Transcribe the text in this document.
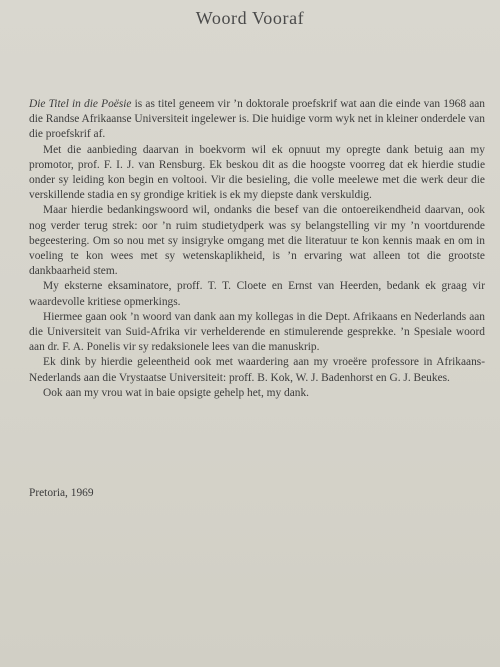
Woord Vooraf

Die Titel in die Poësie is as titel geneem vir ’n doktorale proefskrif wat aan die einde van 1968 aan die Randse Afrikaanse Universiteit ingelewer is. Die huidige vorm wyk net in kleiner onderdele van die proefskrif af.

Met die aanbieding daarvan in boekvorm wil ek opnuut my opregte dank betuig aan my promotor, prof. F. I. J. van Rensburg. Ek beskou dit as die hoogste voorreg dat ek hierdie studie onder sy leiding kon begin en voltooi. Vir die besieling, die volle meelewe met die werk deur die verskillende stadia en sy grondige kritiek is ek my diepste dank verskuldig.

Maar hierdie bedankingswoord wil, ondanks die besef van die ontoereikendheid daarvan, ook nog verder terug strek: oor ’n ruim studietydperk was sy belangstelling vir my ’n voortdurende begeestering. Om so nou met sy insigryke omgang met die literatuur te kon kennis maak en om in voeling te kon wees met sy wetenskaplikheid, is ’n ervaring wat alleen tot die grootste dankbaarheid stem.

My eksterne eksaminatore, proff. T. T. Cloete en Ernst van Heerden, bedank ek graag vir waardevolle kritiese opmerkings.

Hiermee gaan ook ’n woord van dank aan my kollegas in die Dept. Afrikaans en Nederlands aan die Universiteit van Suid-Afrika vir verhelderende en stimulerende gesprekke. ’n Spesiale woord aan dr. F. A. Ponelis vir sy redaksionele lees van die manuskrip.

Ek dink by hierdie geleentheid ook met waardering aan my vroeëre professore in Afrikaans-Nederlands aan die Vrystaatse Universiteit: proff. B. Kok, W. J. Badenhorst en G. J. Beukes.

Ook aan my vrou wat in baie opsigte gehelp het, my dank.

Pretoria, 1969
